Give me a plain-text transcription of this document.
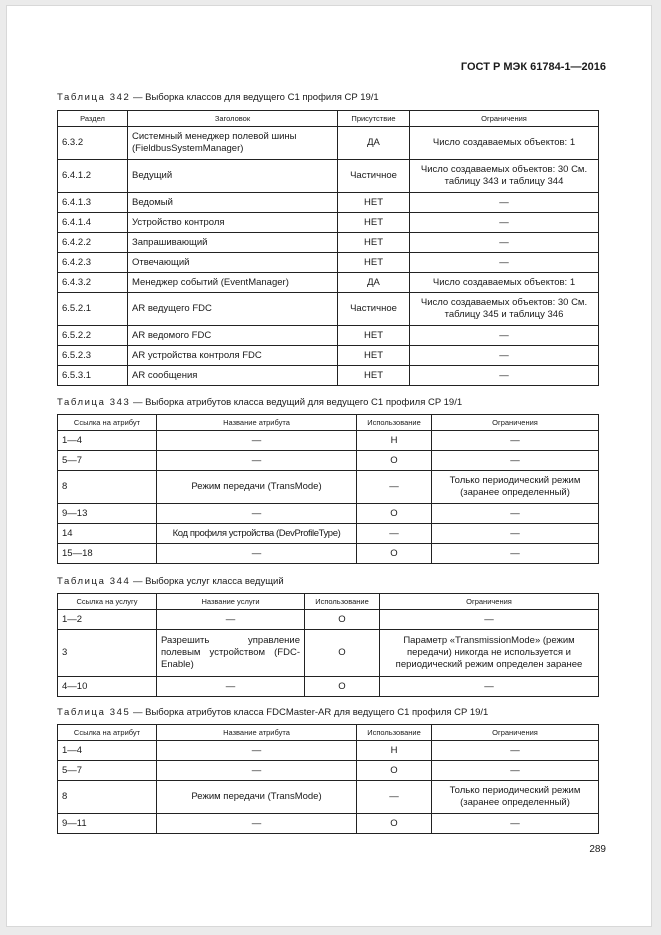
ГОСТ Р МЭК 61784-1—2016
Таблица 342 — Выборка классов для ведущего C1 профиля CP 19/1
Раздел	Заголовок	Присутствие	Ограничения
6.3.2	Системный менеджер полевой шины (FieldbusSystemManager)	ДА	Число создаваемых объектов: 1
6.4.1.2	Ведущий	Частичное	Число создаваемых объектов: 30 См. таблицу 343 и таблицу 344
6.4.1.3	Ведомый	НЕТ	—
6.4.1.4	Устройство контроля	НЕТ	—
6.4.2.2	Запрашивающий	НЕТ	—
6.4.2.3	Отвечающий	НЕТ	—
6.4.3.2	Менеджер событий (EventManager)	ДА	Число создаваемых объектов: 1
6.5.2.1	AR ведущего FDC	Частичное	Число создаваемых объектов: 30 См. таблицу 345 и таблицу 346
6.5.2.2	AR ведомого FDC	НЕТ	—
6.5.2.3	AR устройства контроля FDC	НЕТ	—
6.5.3.1	AR сообщения	НЕТ	—
Таблица 343 — Выборка атрибутов класса ведущий для ведущего C1 профиля CP 19/1
Ссылка на атрибут	Название атрибута	Использование	Ограничения
1—4	—	Н	—
5—7	—	О	—
8	Режим передачи (TransMode)	—	Только периодический режим (заранее определенный)
9—13	—	О	—
14	Код профиля устройства (DevProfileType)	—	—
15—18	—	О	—
Таблица 344 — Выборка услуг класса ведущий
Ссылка на услугу	Название услуги	Использование	Ограничения
1—2	—	О	—
3	Разрешить управление полевым устройством (FDC-Enable)	О	Параметр «TransmissionMode» (режим передачи) никогда не используется и периодический режим определен заранее
4—10	—	О	—
Таблица 345 — Выборка атрибутов класса FDCMaster-AR для ведущего C1 профиля CP 19/1
Ссылка на атрибут	Название атрибута	Использование	Ограничения
1—4	—	Н	—
5—7	—	О	—
8	Режим передачи (TransMode)	—	Только периодический режим (заранее определенный)
9—11	—	О	—
289
